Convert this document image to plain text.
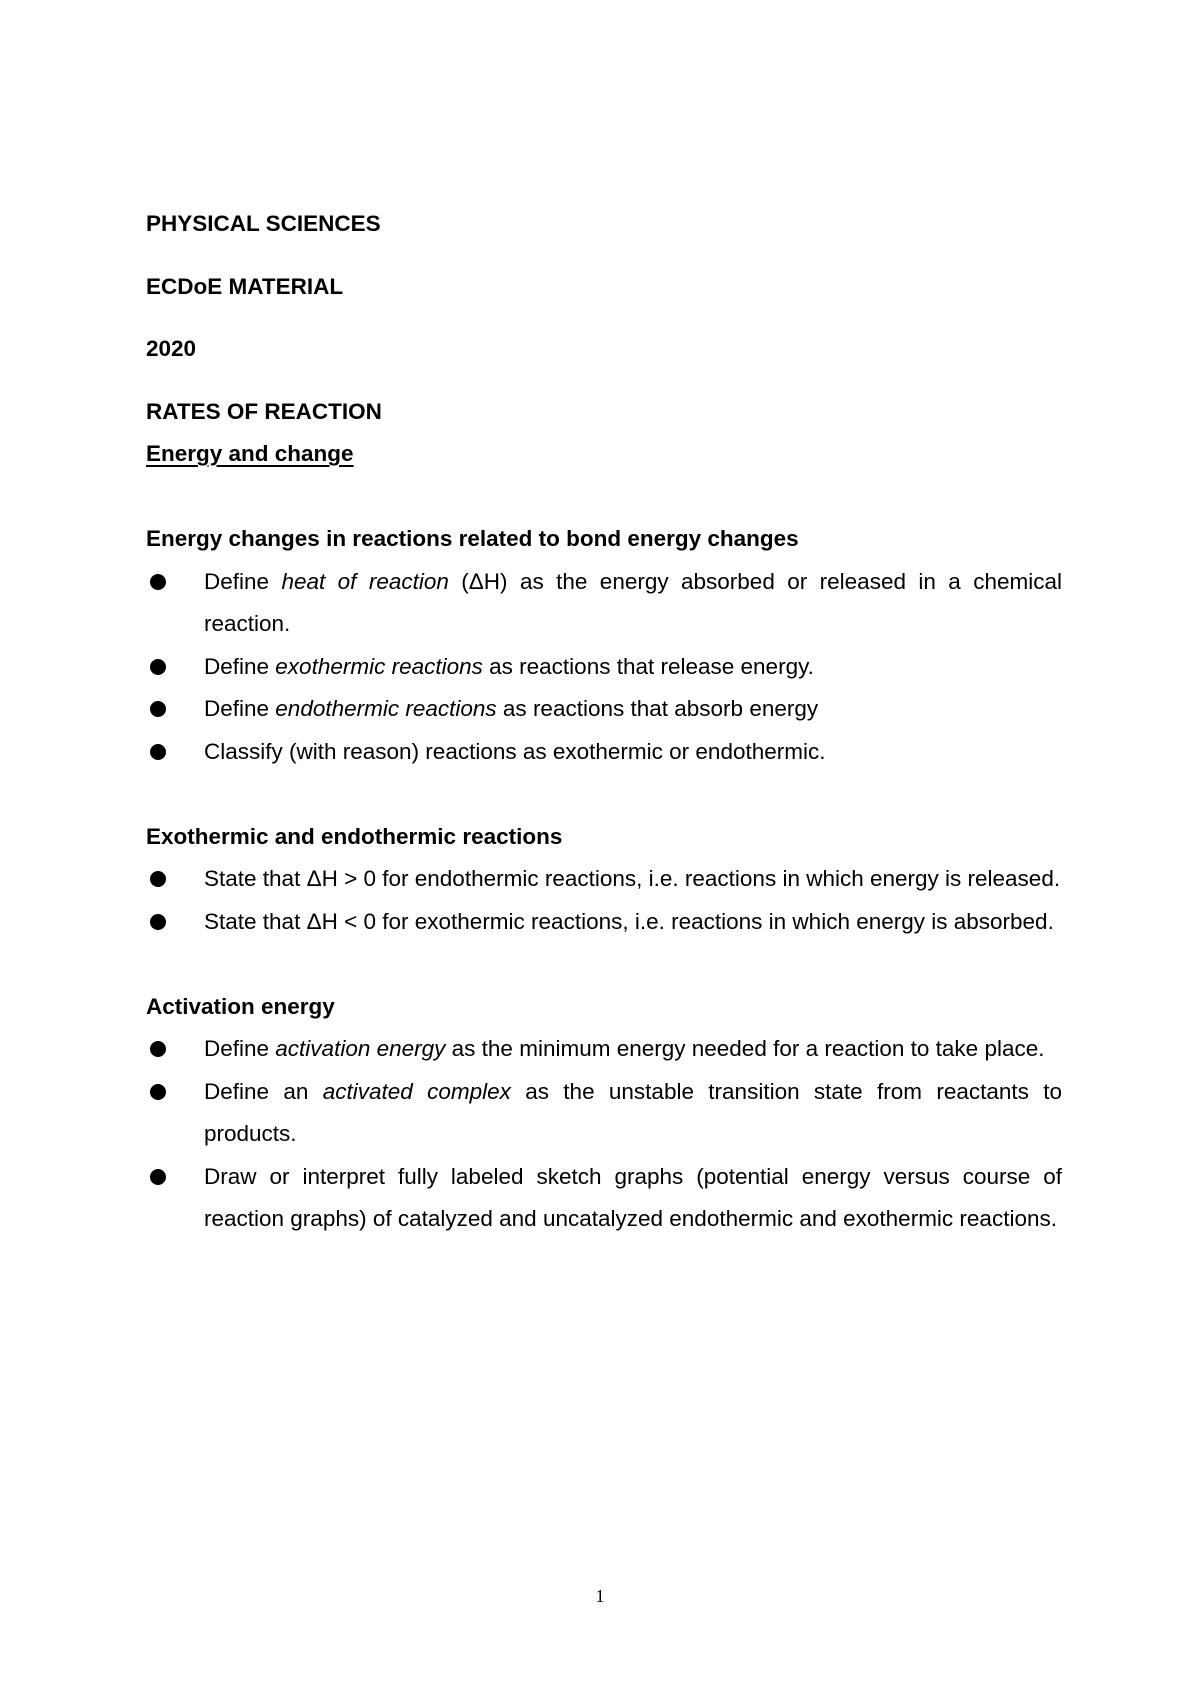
PHYSICAL SCIENCES

ECDoE MATERIAL

2020

RATES OF REACTION

Energy and change

Energy changes in reactions related to bond energy changes

Define heat of reaction (ΔH) as the energy absorbed or released in a chemical reaction.
Define exothermic reactions as reactions that release energy.
Define endothermic reactions as reactions that absorb energy
Classify (with reason) reactions as exothermic or endothermic.

Exothermic and endothermic reactions

State that ΔH > 0 for endothermic reactions, i.e. reactions in which energy is released.
State that ΔH < 0 for exothermic reactions, i.e. reactions in which energy is absorbed.

Activation energy

Define activation energy as the minimum energy needed for a reaction to take place.
Define an activated complex as the unstable transition state from reactants to products.
Draw or interpret fully labeled sketch graphs (potential energy versus course of reaction graphs) of catalyzed and uncatalyzed endothermic and exothermic reactions.
1
